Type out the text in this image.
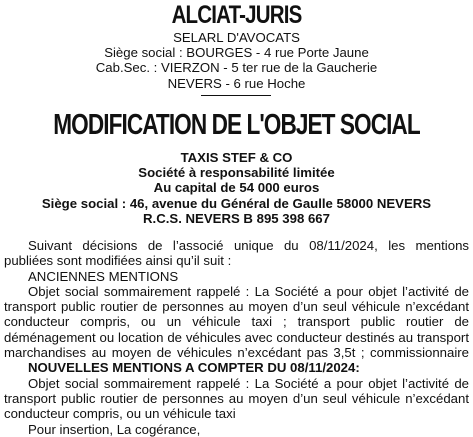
ALCIAT-JURIS
SELARL D'AVOCATS
Siège social : BOURGES - 4 rue Porte Jaune
Cab.Sec. : VIERZON - 5 ter rue de la Gaucherie
NEVERS - 6 rue Hoche
MODIFICATION DE L'OBJET SOCIAL
TAXIS STEF & CO
Société à responsabilité limitée
Au capital de 54 000 euros
Siège social : 46, avenue du Général de Gaulle 58000 NEVERS
R.C.S. NEVERS B 895 398 667
Suivant décisions de l’associé unique du 08/11/2024, les mentions
publiées sont modifiées ainsi qu’il suit :
ANCIENNES MENTIONS
Objet social sommairement rappelé : La Société a pour objet l’activité de
transport public routier de personnes au moyen d’un seul véhicule n’excédant
conducteur compris, ou un véhicule taxi ; transport public routier de
déménagement ou location de véhicules avec conducteur destinés au transport
marchandises au moyen de véhicules n’excédant pas 3,5t ; commissionnaire
NOUVELLES MENTIONS A COMPTER DU 08/11/2024:
Objet social sommairement rappelé : La Société a pour objet l’activité de
transport public routier de personnes au moyen d’un seul véhicule n’excédant
conducteur compris, ou un véhicule taxi
Pour insertion, La cogérance,
